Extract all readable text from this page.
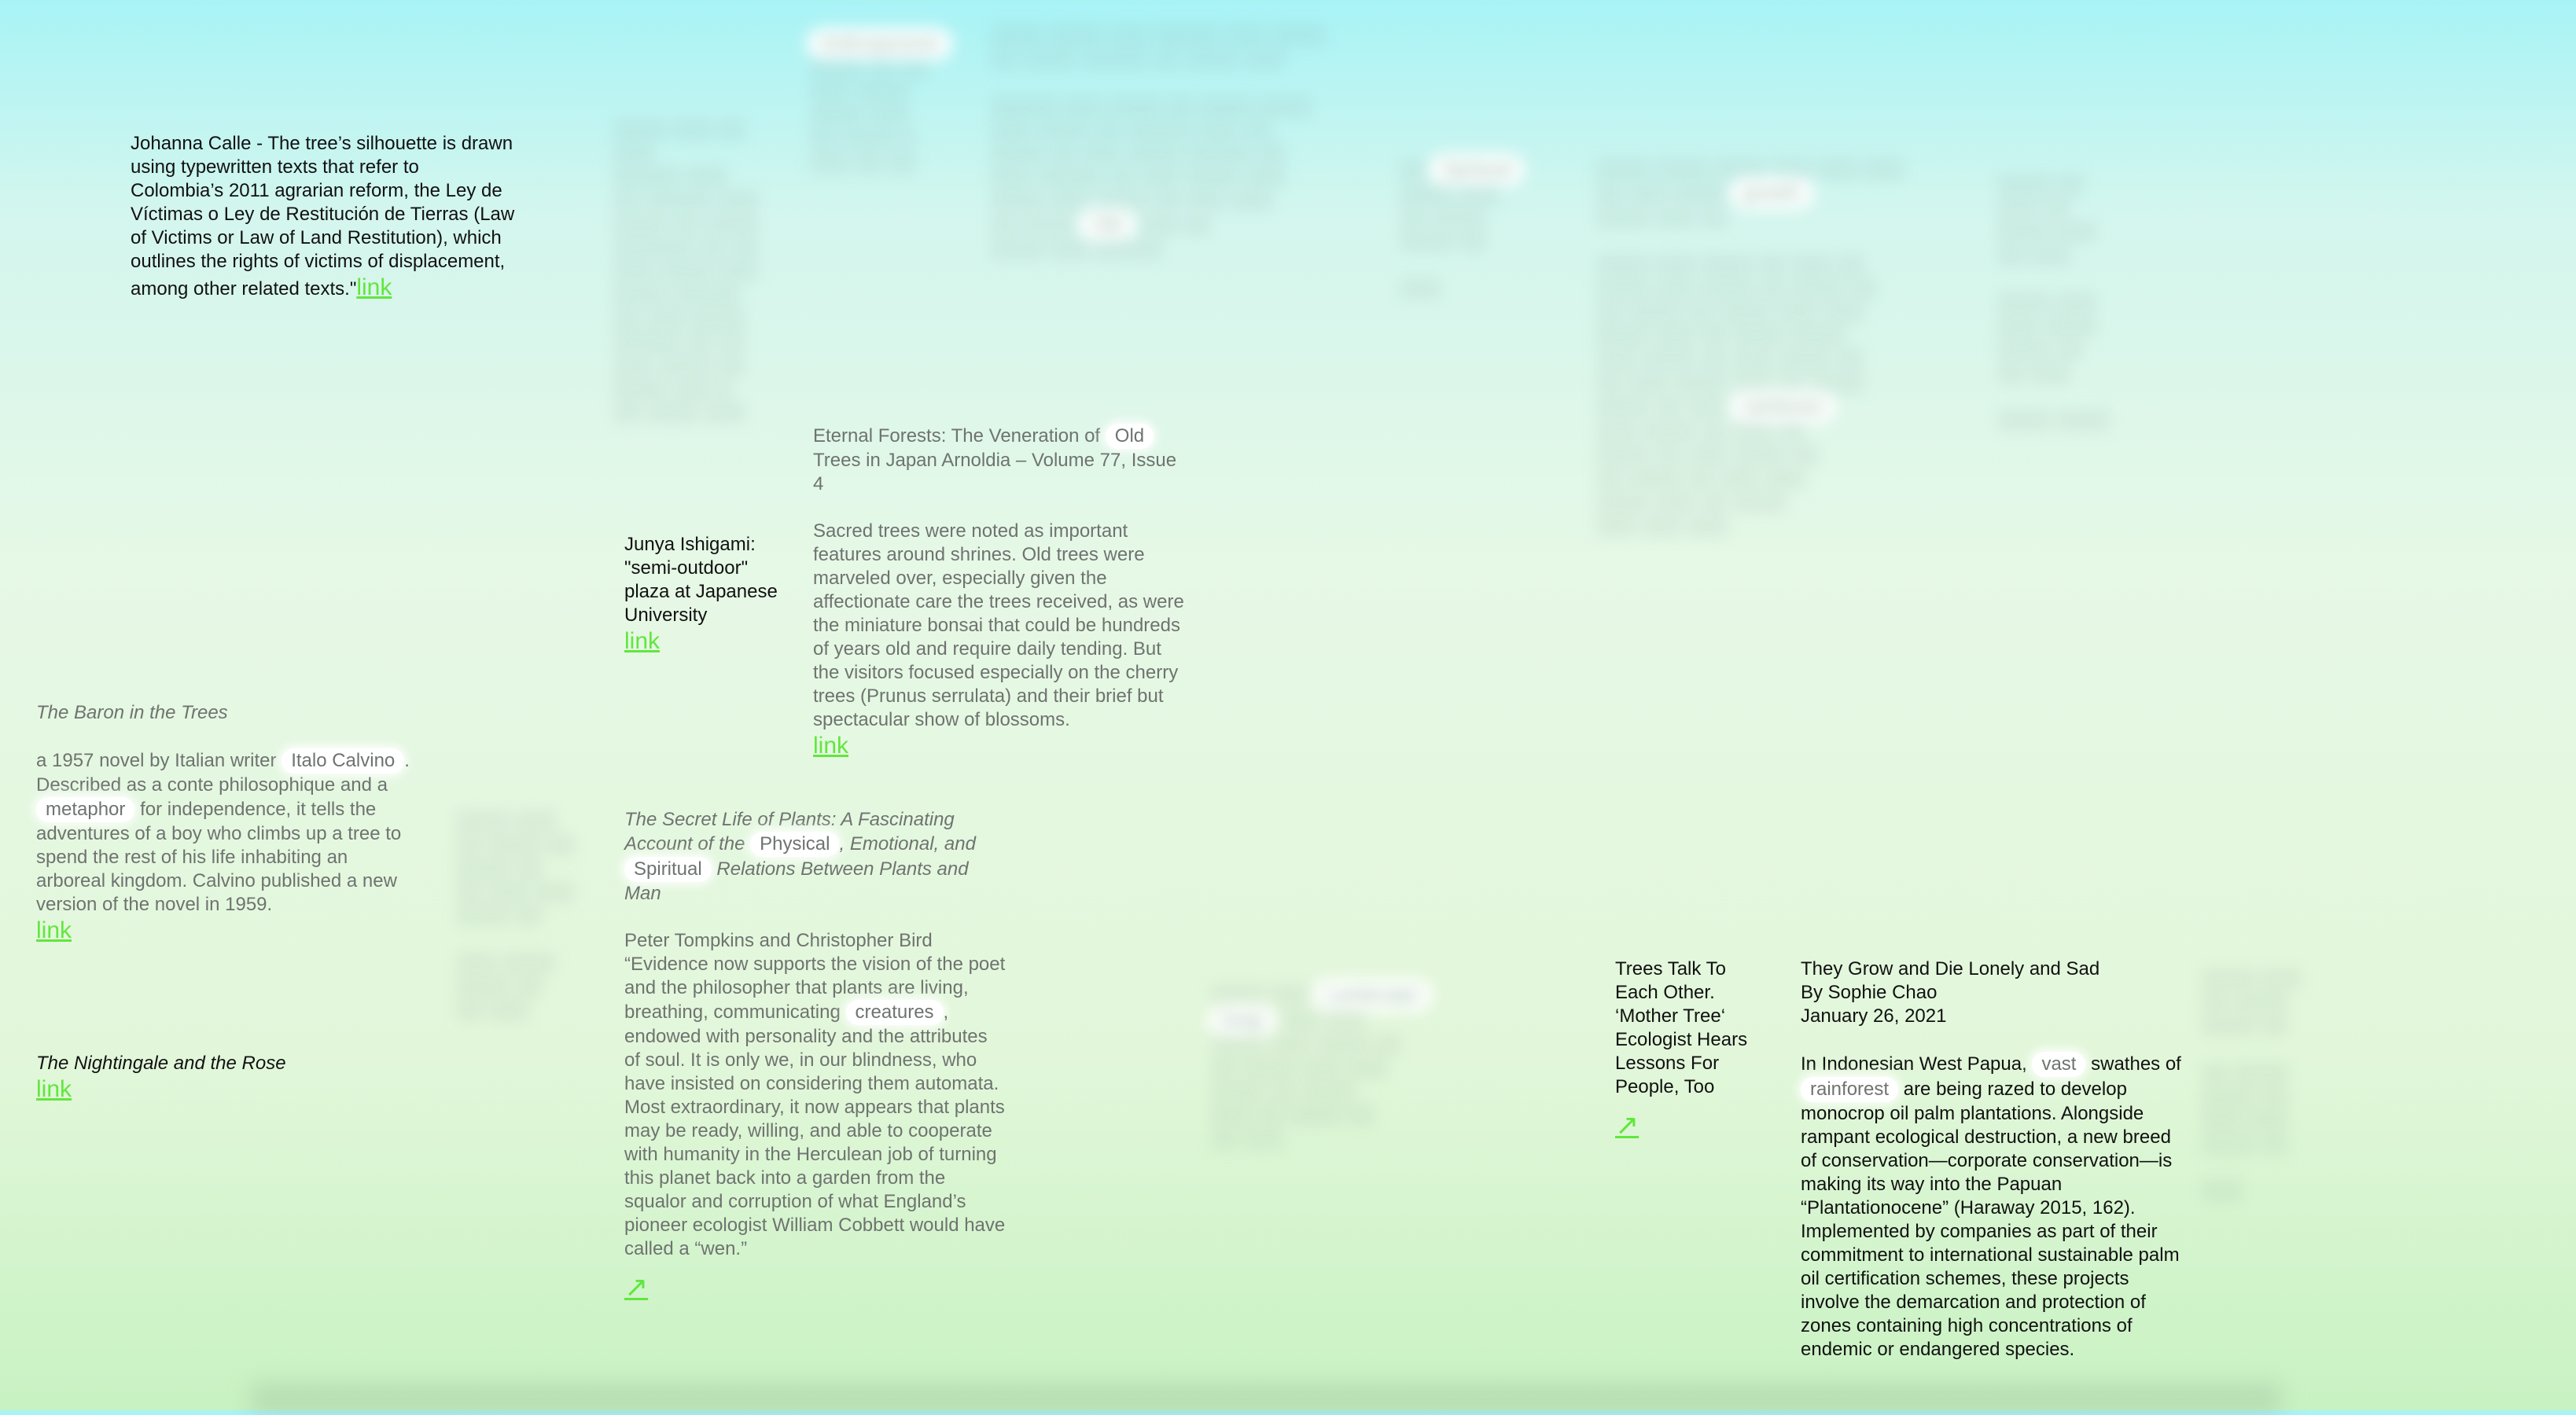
░░░░ ░░░ ░░ ░░░
░░░░░ ░░░
░░ ░░░░░ ░░░
░░░░ ░░ ░░░░
░░░░░░ ░░ ░░
░░░ ░░░░ ░░░
░░░░ ░░░░░
░░ ░░░ ░░░░
░░░░░ ░░ ░░
░░░ ░░░░ ░░
░░░░ ░░░ ░
░░ ░░░░ ░░░
Anthropocene
░░░░ ░░ ░░
░░░ ░░░░
░░░░ ░░░
░░ ░░░░ ░
░░░ ░░ ░░
░░░░ ░░░░ ░░░ ░░░░░ ░░░ ░░░░
░░ ░░░░ ░░░░░ ░░ ░░░░ ░░░

░░░░░ ░░░ ░░░░ ░░ ░░░░ ░░░░
░░░ ░░░░ ░░ ░░░░░ ░░░ ░░
░░░░ ░░ ░░░ ░░░░ ░░░░░ ░░
░░░ ░░░░░ ░░ ░░░ ░░░░ ░░░
░░░░ ░░░ ░░░░ ░░ ░░░ ░░░
░░ ░░░░ Old ░░░ ░░
░░░░ ░░░ ░░░░░
░░ Spiritual
░░░░ ░░░
░░ ░░░░
░░░░ ░░

░░░
░░░░ ░░░░ ░░░░ ░░░ ░░░ ░░░
░░ ░░░ ░░░░ growth
░░░░ ░░░ ░░

░░░░ ░░░ ░░░░ ░░ ░░░ ░░
░░░░ ░░░ ░░░░ ░░ ░░░░ ░░
░░ ░░░░ ░░ ░░░░ ░░░ ░░░
░░░░ ░░░ ░░ ░░░░ ░░░░
░░░ ░░░░ ░░ ░░░ ░░░░ ░░
░░ ░░░ ░░░░ ░░░ ░░ ░░░░
░░░░ ░░ ░░░ rainforest
░░░ ░░░░ ░░ ░░░ ░░
░░░░ ░░ ░░░ ░░░░ ░░
░░ ░░░░ ░░ ░░░ ░░░
░░░░ ░░░ ░░ ░░░░
░░░ ░░░ ░░░
░░░░ ░░
░░░ ░░
░░░░ ░░░
░░ ░░░

░░░░ ░░░
░░░ ░░░░
░░░░ ░░
░░ ░░░

░░░░ ░░░░
░░░░ ░░░
░░ ░░░░ ░░
░░░░ ░░
░░ ░░░ ░░░
░░░░ ░░

░░░ ░░░░
░░░░ ░░
░░ ░░░
░░░░ ░░░ Landscape
fungi ░░░ ░░░
░░░░ ░░░ ░░░░ ░░
░░ ░░░░ ░░░ ░░░
░░░░ ░░ ░░░░
░░░ ░░ ░░░░ ░░
░░ ░░░
░░░░ ░░░
░░ ░░░░
░░░░ ░░

░░ ░░░░
░░░░ ░░
░░░ ░░░
░░░░ ░░

░░░
Johanna Calle - The tree’s silhouette is drawn using typewritten texts that refer to Colombia’s 2011 agrarian reform, the Ley de Víctimas o Ley de Restitución de Tierras (Law of Victims or Law of Land Restitution), which outlines the rights of victims of displacement, among other related texts."link

Junya Ishigami: "semi-outdoor" plaza at Japanese University

link

Eternal Forests: The Veneration of Old Trees in Japan Arnoldia – Volume 77, Issue 4

Sacred trees were noted as important features around shrines. Old trees were marveled over, especially given the affectionate care the trees received, as were the miniature bonsai that could be hundreds of years old and require daily tending. But the visitors focused especially on the cherry trees (Prunus serrulata) and their brief but spectacular show of blossoms.

link

The Baron in the Trees

a 1957 novel by Italian writer Italo Calvino . Described as a conte philosophique and a metaphor for independence, it tells the adventures of a boy who climbs up a tree to spend the rest of his life inhabiting an arboreal kingdom. Calvino published a new version of the novel in 1959.

link

The Nightingale and the Rose

link

The Secret Life of Plants: A Fascinating Account of the Physical , Emotional, and Spiritual Relations Between Plants and Man

Peter Tompkins and Christopher Bird “Evidence now supports the vision of the poet and the philosopher that plants are living, breathing, communicating creatures , endowed with personality and the attributes of soul. It is only we, in our blindness, who have insisted on considering them automata. Most extraordinary, it now appears that plants may be ready, willing, and able to cooperate with humanity in the Herculean job of turning this planet back into a garden from the squalor and corruption of what England’s pioneer ecologist William Cobbett would have called a “wen.”

↗

Trees Talk To Each Other. ‘Mother Tree‘ Ecologist Hears Lessons For People, Too

↗

They Grow and Die Lonely and Sad

By Sophie Chao

January 26, 2021

In Indonesian West Papua, vast swathes of rainforest are being razed to develop monocrop oil palm plantations. Alongside rampant ecological destruction, a new breed of conservation—corporate conservation—is making its way into the Papuan “Plantationocene” (Haraway 2015, 162). Implemented by companies as part of their commitment to international sustainable palm oil certification schemes, these projects involve the demarcation and protection of zones containing high concentrations of endemic or endangered species.
